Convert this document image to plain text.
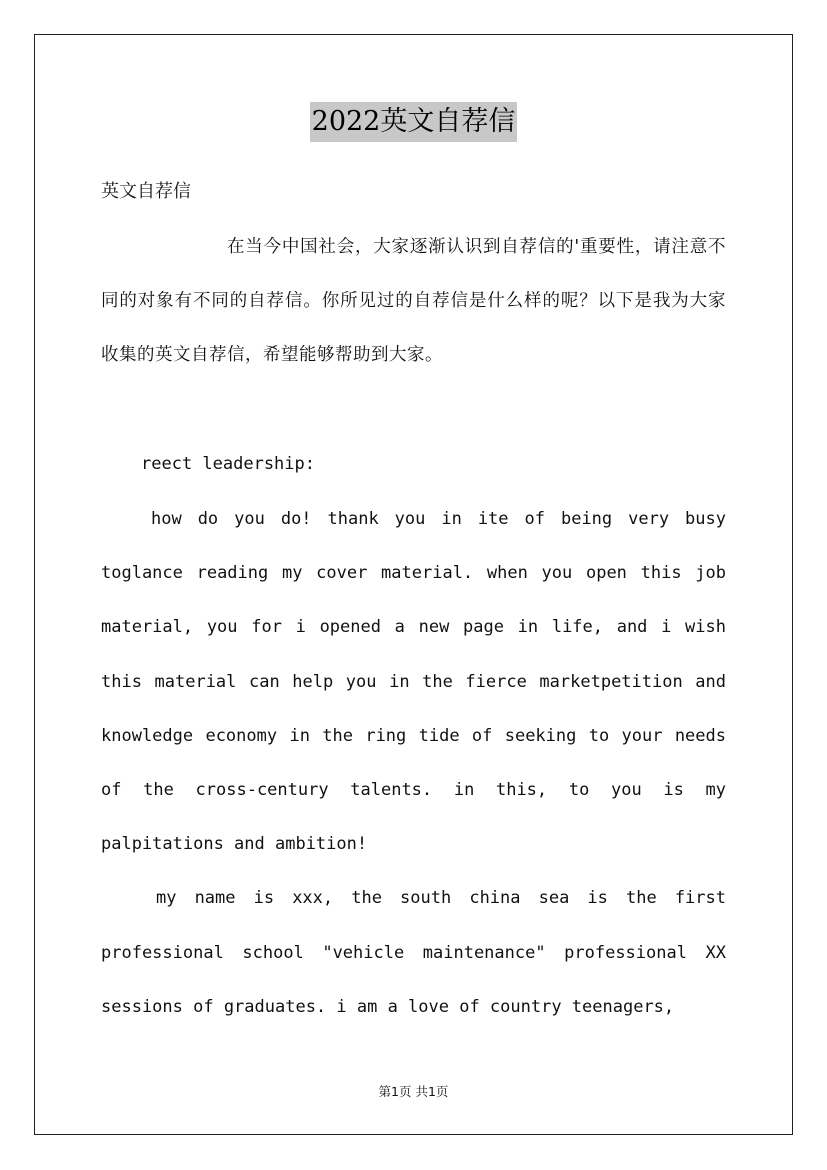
2022英文自荐信
英文自荐信
在当今中国社会，大家逐渐认识到自荐信的'重要性，请注意不同的对象有不同的自荐信。你所见过的自荐信是什么样的呢？以下是我为大家收集的英文自荐信，希望能够帮助到大家。
reect leadership:

how do you do! thank you in ite of being very busy toglance reading my cover material. when you open this job material, you for i opened a new page in life, and i wish this material can help you in the fierce marketpetition and knowledge economy in the ring tide of seeking to your needs of the cross-century talents. in this, to you is my palpitations and ambition!

my name is xxx, the south china sea is the first professional school "vehicle maintenance" professional XX sessions of graduates. i am a love of country teenagers,

第1页 共1页
